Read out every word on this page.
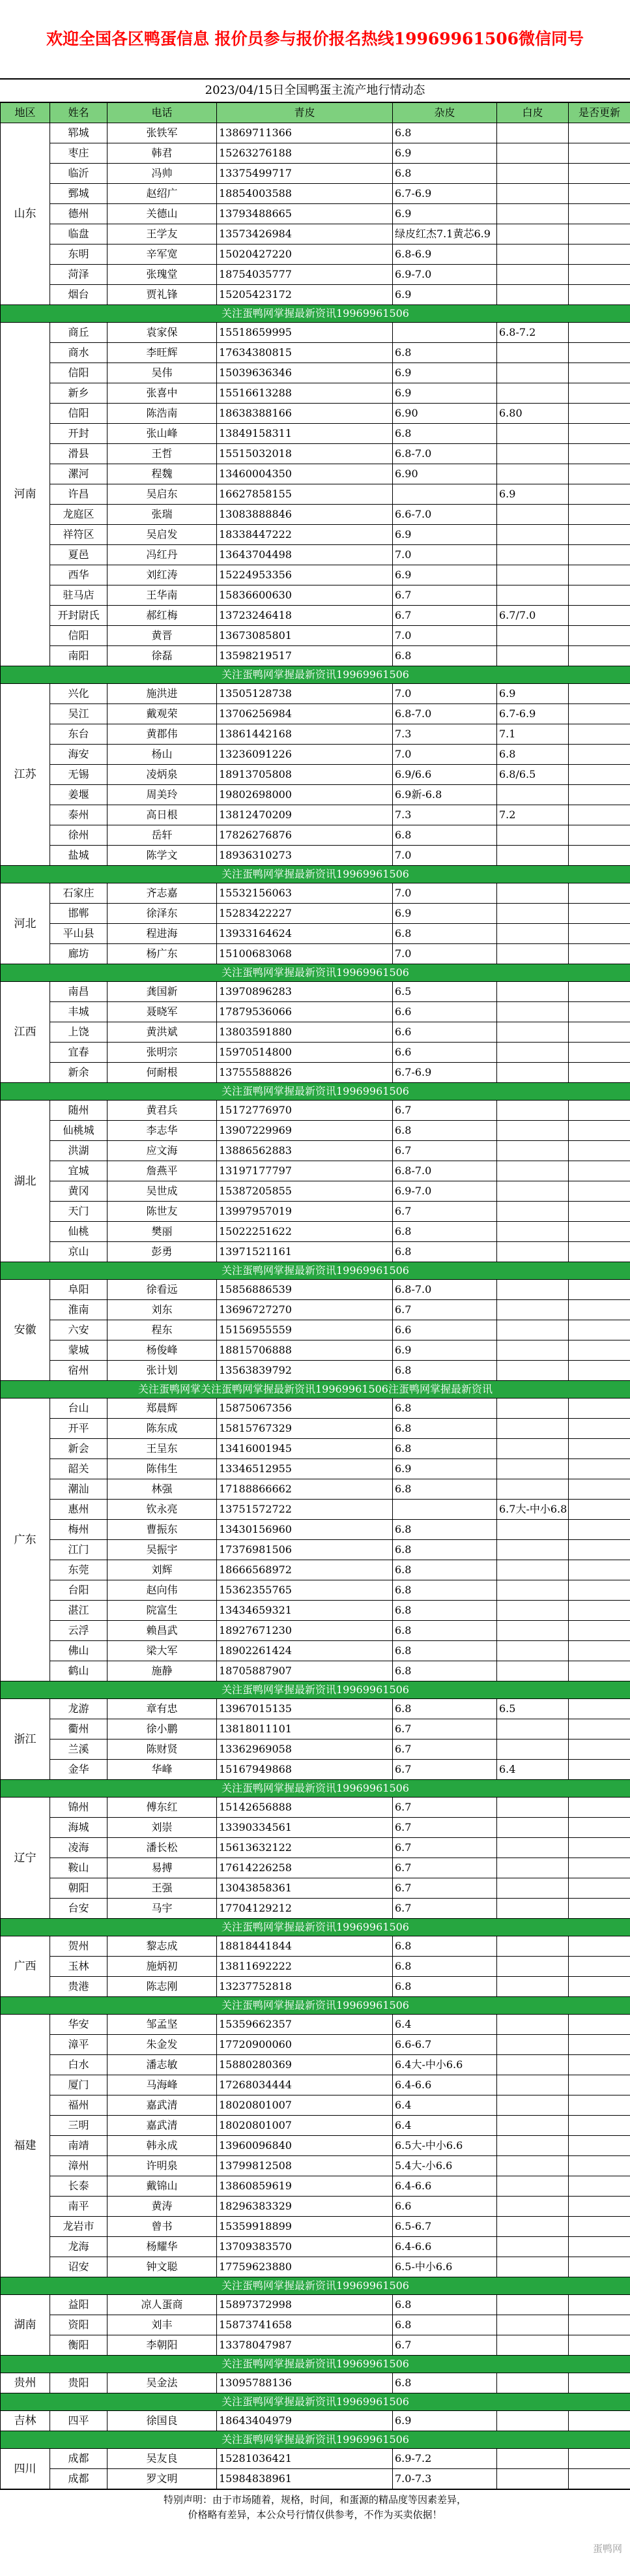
欢迎全国各区鸭蛋信息 报价员参与报价报名热线19969961506微信同号
2023/04/15日全国鸭蛋主流产地行情动态
地区	姓名	电话	青皮	杂皮	白皮	是否更新	
山东	郓城	张铁军	13869711366	6.8			
	枣庄	韩君	15263276188	6.9			
	临沂	冯帅	13375499717	6.8			
	鄄城	赵绍广	18854003588	6.7-6.9			
	德州	关德山	13793488665	6.9			
	临盘	王学友	13573426984	绿皮红杰7.1黄芯6.9			
	东明	辛军宽	15020427220	6.8-6.9			
	菏泽	张瑰堂	18754035777	6.9-7.0			
	烟台	贾礼锋	15205423172	6.9			
关注蛋鸭网掌握最新资讯19969961506							
河南	商丘	袁家保	15518659995		6.8-7.2		
	商水	李旺辉	17634380815	6.8			
	信阳	吴伟	15039636346	6.9			
	新乡	张喜中	15516613288	6.9			
	信阳	陈浩南	18638388166	6.90	6.80		
	开封	张山峰	13849158311	6.8			
	滑县	王哲	15515032018	6.8-7.0			
	漯河	程魏	13460004350	6.90			
	许昌	吴启东	16627858155		6.9		
	龙庭区	张瑞	13083888846	6.6-7.0			
	祥符区	吴启发	18338447222	6.9			
	夏邑	冯红丹	13643704498	7.0			
	西华	刘红涛	15224953356	6.9			
	驻马店	王华南	15836600630	6.7			
	开封尉氏	郝红梅	13723246418	6.7	6.7/7.0		
	信阳	黄晋	13673085801	7.0			
	南阳	徐磊	13598219517	6.8			
关注蛋鸭网掌握最新资讯19969961506							
江苏	兴化	施洪进	13505128738	7.0	6.9		
	吴江	戴观荣	13706256984	6.8-7.0	6.7-6.9		
	东台	黄郡伟	13861442168	7.3	7.1		
	海安	杨山	13236091226	7.0	6.8		
	无锡	凌炳泉	18913705808	6.9/6.6	6.8/6.5		
	姜堰	周美玲	19802698000	6.9新-6.8			
	泰州	高日根	13812470209	7.3	7.2		
	徐州	岳轩	17826276876	6.8			
	盐城	陈学文	18936310273	7.0			
关注蛋鸭网掌握最新资讯19969961506							
河北	石家庄	齐志嘉	15532156063	7.0			
	邯郸	徐泽东	15283422227	6.9			
	平山县	程进海	13933164624	6.8			
	廊坊	杨广东	15100683068	7.0			
关注蛋鸭网掌握最新资讯19969961506							
江西	南昌	龚国新	13970896283	6.5			
	丰城	聂晓军	17879536066	6.6			
	上饶	黄洪斌	13803591880	6.6			
	宜春	张明宗	15970514800	6.6			
	新余	何耐根	13755588826	6.7-6.9			
关注蛋鸭网掌握最新资讯19969961506							
湖北	随州	黄君兵	15172776970	6.7			
	仙桃城	李志华	13907229969	6.8			
	洪湖	应文海	13886562883	6.7			
	宜城	詹燕平	13197177797	6.8-7.0			
	黄冈	吴世成	15387205855	6.9-7.0			
	天门	陈世友	13997957019	6.7			
	仙桃	樊丽	15022251622	6.8			
	京山	彭勇	13971521161	6.8			
关注蛋鸭网掌握最新资讯19969961506							
安徽	阜阳	徐看远	15856886539	6.8-7.0			
	淮南	刘东	13696727270	6.7			
	六安	程东	15156955559	6.6			
	蒙城	杨俊峰	18815706888	6.9			
	宿州	张计划	13563839792	6.8			
关注蛋鸭网掌关注蛋鸭网掌握最新资讯19969961506注蛋鸭网掌握最新资讯							
广东	台山	郑晨辉	15875067356	6.8			
	开平	陈东成	15815767329	6.8			
	新会	王呈东	13416001945	6.8			
	韶关	陈伟生	13346512955	6.9			
	潮汕	林强	17188866662	6.8			
	惠州	钦永亮	13751572722		6.7大-中小6.8		
	梅州	曹振东	13430156960	6.8			
	江门	吴振宇	17376981506	6.8			
	东莞	刘辉	18666568972	6.8			
	台阳	赵向伟	15362355765	6.8			
	湛江	院富生	13434659321	6.8			
	云浮	赖昌武	18927671230	6.8			
	佛山	梁大军	18902261424	6.8			
	鹤山	施静	18705887907	6.8			
关注蛋鸭网掌握最新资讯19969961506							
浙江	龙游	章有忠	13967015135	6.8	6.5		
	衢州	徐小鹏	13818011101	6.7			
	兰溪	陈财贤	13362969058	6.7			
	金华	华峰	15167949868	6.7	6.4		
关注蛋鸭网掌握最新资讯19969961506							
辽宁	锦州	傅东红	15142656888	6.7			
	海城	刘崇	13390334561	6.7			
	凌海	潘长松	15613632122	6.7			
	鞍山	易搏	17614226258	6.7			
	朝阳	王强	13043858361	6.7			
	台安	马宇	17704129212	6.7			
关注蛋鸭网掌握最新资讯19969961506							
广西	贺州	黎志成	18818441844	6.8			
	玉林	施炳初	13811692222	6.8			
	贵港	陈志刚	13237752818	6.8			
关注蛋鸭网掌握最新资讯19969961506							
福建	华安	邹孟坚	15359662357	6.4			
	漳平	朱金发	17720900060	6.6-6.7			
	白水	潘志敏	15880280369	6.4大-中小6.6			
	厦门	马海峰	17268034444	6.4-6.6			
	福州	嘉武清	18020801007	6.4			
	三明	嘉武清	18020801007	6.4			
	南靖	韩永成	13960096840	6.5大-中小6.6			
	漳州	许明泉	13799812508	5.4大-小6.6			
	长泰	戴锦山	13860859619	6.4-6.6			
	南平	黄涛	18296383329	6.6			
	龙岩市	曾书	15359918899	6.5-6.7			
	龙海	杨耀华	13709383570	6.4-6.6			
	诏安	钟文聪	17759623880	6.5-中小6.6			
关注蛋鸭网掌握最新资讯19969961506							
湖南	益阳	凉人蛋商	15897372998	6.8			
	资阳	刘丰	15873741658	6.8			
	衡阳	李朝阳	13378047987	6.7			
关注蛋鸭网掌握最新资讯19969961506							
贵州	贵阳	吴金法	13095788136	6.8			
关注蛋鸭网掌握最新资讯19969961506							
吉林	四平	徐国良	18643404979	6.9			
关注蛋鸭网掌握最新资讯19969961506							
四川	成都	吴友良	15281036421	6.9-7.2			
	成都	罗文明	15984838961	7.0-7.3			
特别声明：由于市场随着，规格，时间，和蛋源的精品度等因素差异，
价格略有差异，本公众号行情仅供参考，不作为买卖依据！
蛋鸭网
